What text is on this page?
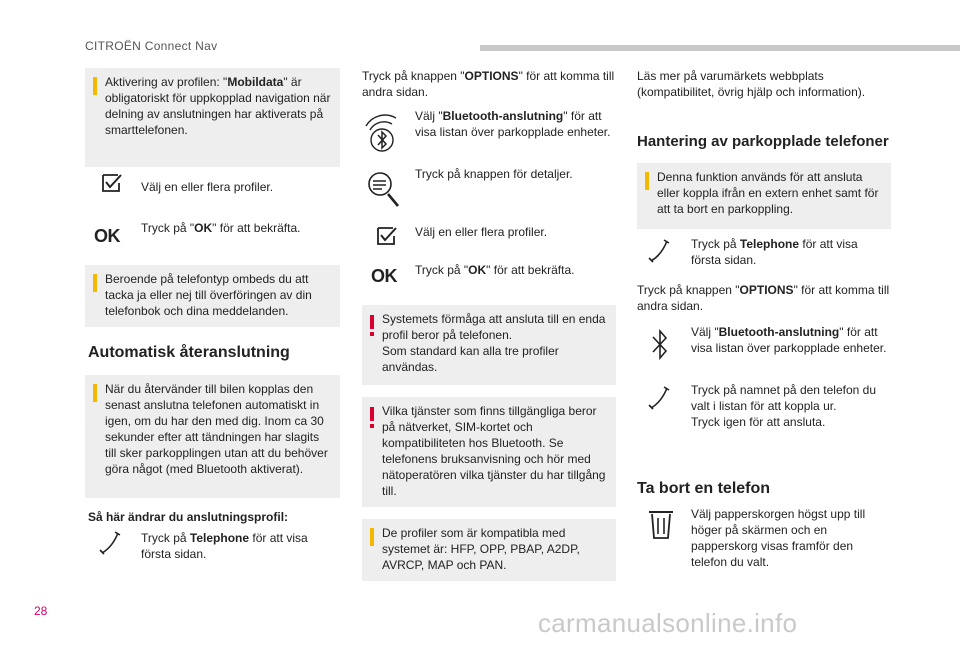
CITROËN Connect Nav
Aktivering av profilen: "Mobildata" är obligatoriskt för uppkopplad navigation när delning av anslutningen har aktiverats på smarttelefonen.
Välj en eller flera profiler.
OK Tryck på "OK" för att bekräfta.
Beroende på telefontyp ombeds du att tacka ja eller nej till överföringen av din telefonbok och dina meddelanden.
Automatisk återanslutning
När du återvänder till bilen kopplas den senast anslutna telefonen automatiskt in igen, om du har den med dig. Inom ca 30 sekunder efter att tändningen har slagits till sker parkopplingen utan att du behöver göra något (med Bluetooth aktiverat).
Så här ändrar du anslutningsprofil:
Tryck på Telephone för att visa första sidan.
Tryck på knappen "OPTIONS" för att komma till andra sidan.
Välj "Bluetooth-anslutning" för att visa listan över parkopplade enheter.
Tryck på knappen för detaljer.
Välj en eller flera profiler.
OK Tryck på "OK" för att bekräfta.
Systemets förmåga att ansluta till en enda profil beror på telefonen.
Som standard kan alla tre profiler användas.
Vilka tjänster som finns tillgängliga beror på nätverket, SIM-kortet och kompatibiliteten hos Bluetooth. Se telefonens bruksanvisning och hör med nätoperatören vilka tjänster du har tillgång till.
De profiler som är kompatibla med systemet är: HFP, OPP, PBAP, A2DP, AVRCP, MAP och PAN.
Läs mer på varumärkets webbplats (kompatibilitet, övrig hjälp och information).
Hantering av parkopplade telefoner
Denna funktion används för att ansluta eller koppla ifrån en extern enhet samt för att ta bort en parkoppling.
Tryck på Telephone för att visa första sidan.
Tryck på knappen "OPTIONS" för att komma till andra sidan.
Välj "Bluetooth-anslutning" för att visa listan över parkopplade enheter.
Tryck på namnet på den telefon du valt i listan för att koppla ur.
Tryck igen för att ansluta.
Ta bort en telefon
Välj papperskorgen högst upp till höger på skärmen och en papperskorg visas framför den telefon du valt.
28	carmanualsonline.info
